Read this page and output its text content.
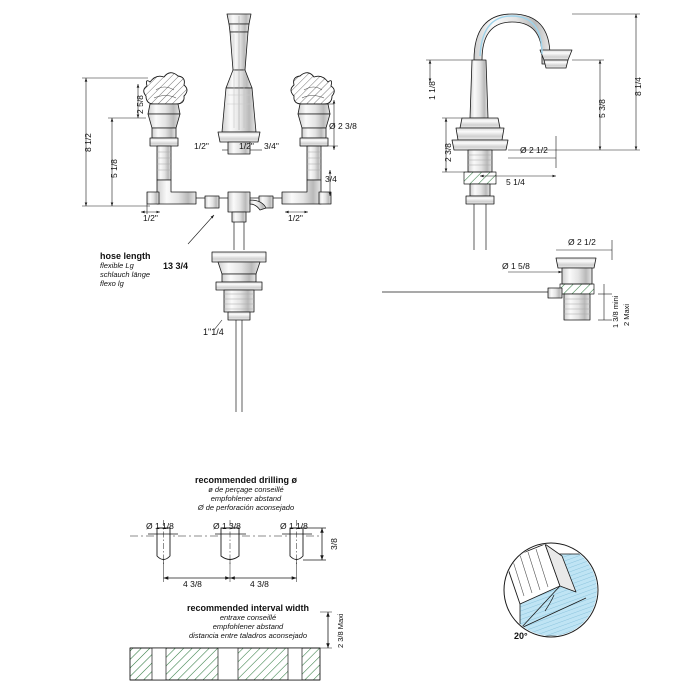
8 1/2
5 1/8
2 5/8
1/2"	1/2" 3/4"
Ø 2 3/8
3/4
1/2"	1/2"
1"1/4
hose length
flexible Lg
schlauch länge
flexo lg
13 3/4
8 1/4
5 3/8
1 1/8
2 3/8	Ø 2 1/2
5 1/4
Ø 2 1/2
Ø 1 5/8
1 3/8 mini 2 Maxi
recommended drilling ø
ø de perçage conseillé
empfohlener abstand
Ø de perforación aconsejado
Ø 1 1/8	Ø 1 3/8	Ø 1 1/8
3/8
4 3/8	4 3/8
2 3/8 Maxi
recommended interval width
entraxe conseillé
empfohlener abstand
distancia entre taladros aconsejado	20°
